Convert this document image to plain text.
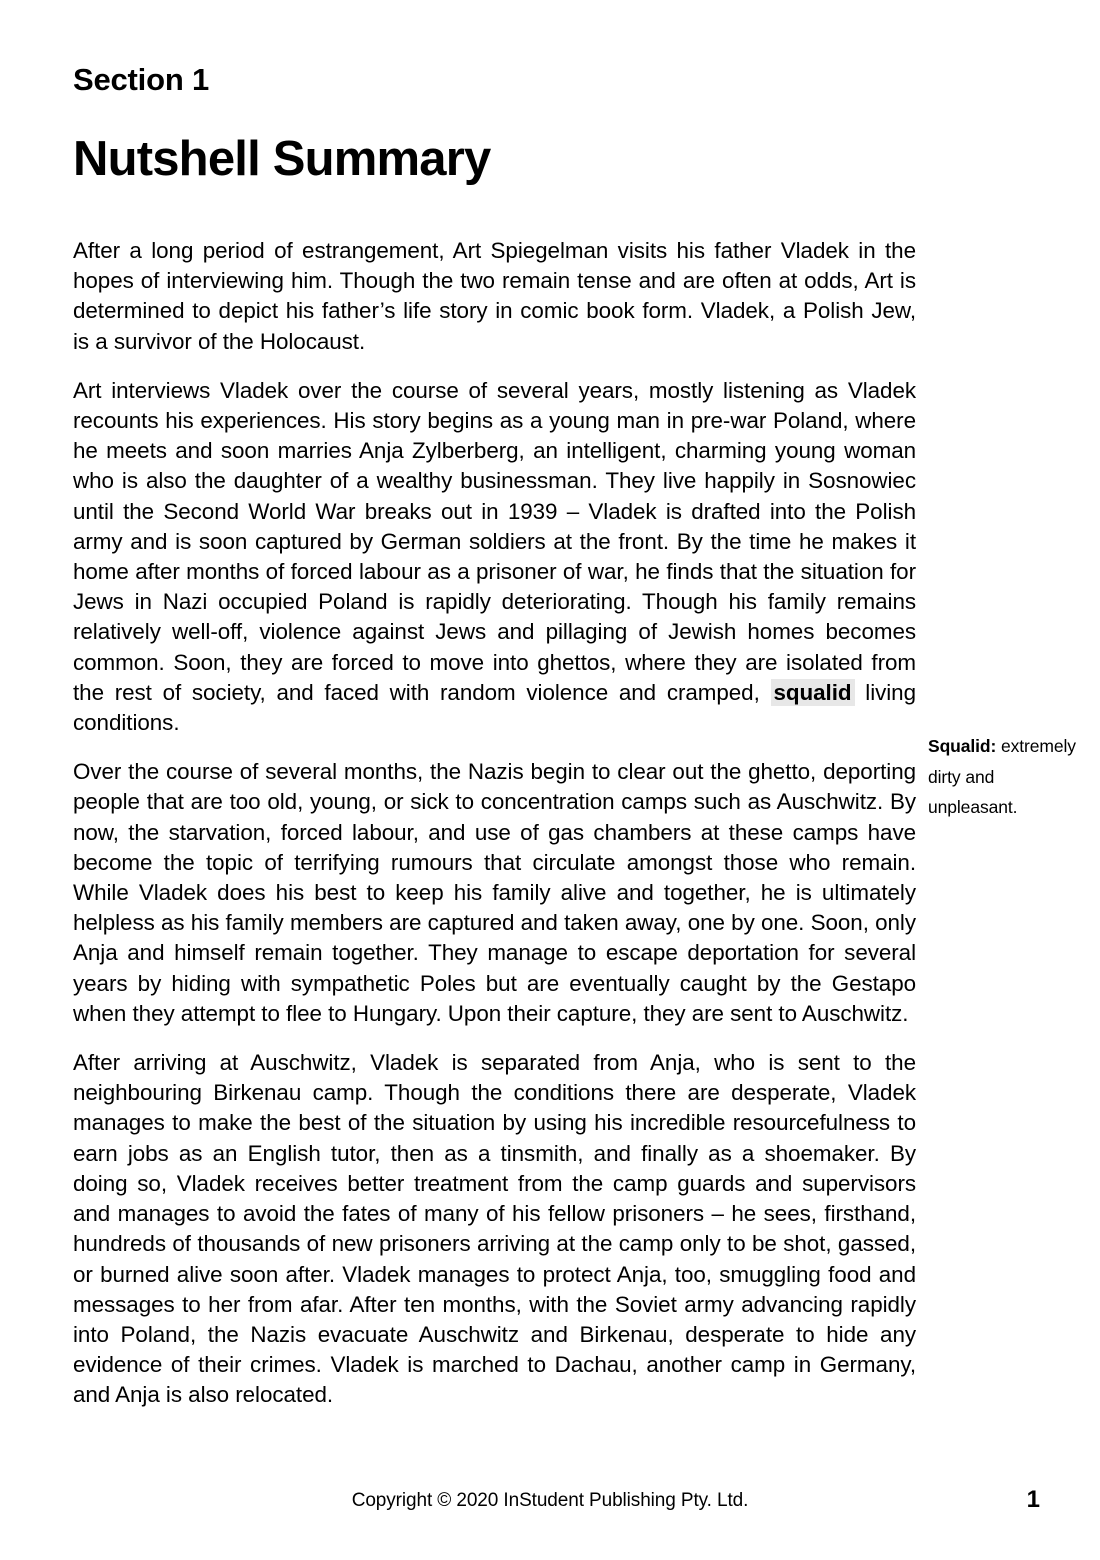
Section 1
Nutshell Summary

After a long period of estrangement, Art Spiegelman visits his father Vladek in the hopes of interviewing him. Though the two remain tense and are often at odds, Art is determined to depict his father’s life story in comic book form. Vladek, a Polish Jew, is a survivor of the Holocaust.

Art interviews Vladek over the course of several years, mostly listening as Vladek recounts his experiences. His story begins as a young man in pre-war Poland, where he meets and soon marries Anja Zylberberg, an intelligent, charming young woman who is also the daughter of a wealthy businessman. They live happily in Sosnowiec until the Second World War breaks out in 1939 – Vladek is drafted into the Polish army and is soon captured by German soldiers at the front. By the time he makes it home after months of forced labour as a prisoner of war, he finds that the situation for Jews in Nazi occupied Poland is rapidly deteriorating. Though his family remains relatively well-off, violence against Jews and pillaging of Jewish homes becomes common. Soon, they are forced to move into ghettos, where they are isolated from the rest of society, and faced with random violence and cramped, squalid living conditions.

Over the course of several months, the Nazis begin to clear out the ghetto, deporting people that are too old, young, or sick to concentration camps such as Auschwitz. By now, the starvation, forced labour, and use of gas chambers at these camps have become the topic of terrifying rumours that circulate amongst those who remain. While Vladek does his best to keep his family alive and together, he is ultimately helpless as his family members are captured and taken away, one by one. Soon, only Anja and himself remain together. They manage to escape deportation for several years by hiding with sympathetic Poles but are eventually caught by the Gestapo when they attempt to flee to Hungary. Upon their capture, they are sent to Auschwitz.

After arriving at Auschwitz, Vladek is separated from Anja, who is sent to the neighbouring Birkenau camp. Though the conditions there are desperate, Vladek manages to make the best of the situation by using his incredible resourcefulness to earn jobs as an English tutor, then as a tinsmith, and finally as a shoemaker. By doing so, Vladek receives better treatment from the camp guards and supervisors and manages to avoid the fates of many of his fellow prisoners – he sees, firsthand, hundreds of thousands of new prisoners arriving at the camp only to be shot, gassed, or burned alive soon after. Vladek manages to protect Anja, too, smuggling food and messages to her from afar. After ten months, with the Soviet army advancing rapidly into Poland, the Nazis evacuate Auschwitz and Birkenau, desperate to hide any evidence of their crimes. Vladek is marched to Dachau, another camp in Germany, and Anja is also relocated.

Squalid: extremely dirty and unpleasant.
Copyright © 2020 InStudent Publishing Pty. Ltd.	1
